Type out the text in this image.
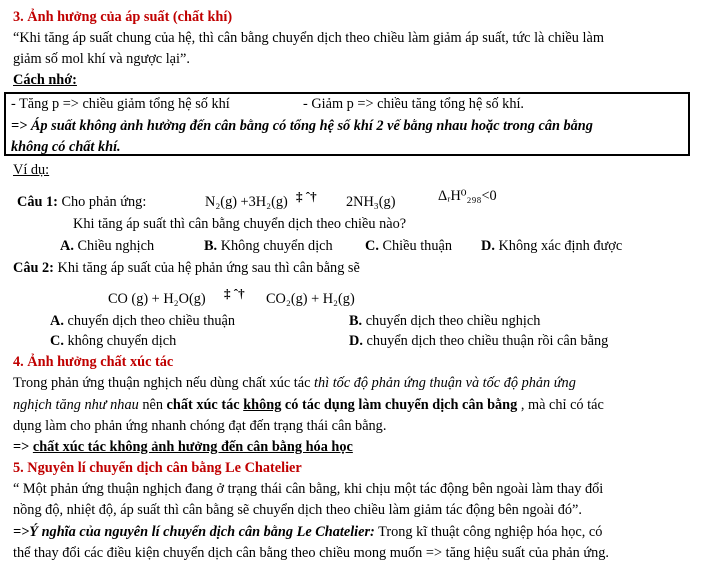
3. Ảnh hưởng của áp suất (chất khí)
“Khi tăng áp suất chung của hệ, thì cân bằng chuyển dịch theo chiều làm giảm áp suất, tức là chiều làm
giảm số mol khí và ngược lại”.
Cách nhớ:
- Tăng p => chiều giảm tổng hệ số khí	- Giảm p => chiều tăng tổng hệ số khí.
=> Áp suất không ảnh hưởng đến cân bằng có tổng hệ số khí 2 vế bằng nhau hoặc trong cân bằng
không có chất khí.
Ví dụ:
Câu 1: Cho phản ứng:	N₂(g) +3H₂(g) ‡ ˆ† 2NH₃(g)	ΔᵣH⁰₂₉₈<0
Khi tăng áp suất thì cân bằng chuyển dịch theo chiều nào?
A. Chiều nghịch	B. Không chuyển dịch C. Chiều thuận D. Không xác định được
Câu 2: Khi tăng áp suất của hệ phản ứng sau thì cân bằng sẽ
CO (g) + H₂O(g) ‡ ˆ† CO₂(g) + H₂(g)
A. chuyển dịch theo chiều thuận	B. chuyển dịch theo chiều nghịch
C. không chuyển dịch	D. chuyển dịch theo chiều thuận rồi cân bằng
4. Ảnh hưởng chất xúc tác
Trong phản ứng thuận nghịch nếu dùng chất xúc tác thì tốc độ phản ứng thuận và tốc độ phản ứng
nghịch tăng như nhau nên chất xúc tác không có tác dụng làm chuyển dịch cân bằng , mà chỉ có tác
dụng làm cho phản ứng nhanh chóng đạt đến trạng thái cân bằng.
=> chất xúc tác không ảnh hưởng đến cân bằng hóa học
5. Nguyên lí chuyển dịch cân bằng Le Chatelier
“ Một phản ứng thuận nghịch đang ở trạng thái cân bằng, khi chịu một tác động bên ngoài làm thay đổi
nồng độ, nhiệt độ, áp suất thì cân bằng sẽ chuyển dịch theo chiều làm giảm tác động bên ngoài đó”.
=>Ý nghĩa của nguyên lí chuyển dịch cân bằng Le Chatelier: Trong kĩ thuật công nghiệp hóa học, có
thể thay đổi các điều kiện chuyển dịch cân bằng theo chiều mong muốn => tăng hiệu suất của phản ứng.
